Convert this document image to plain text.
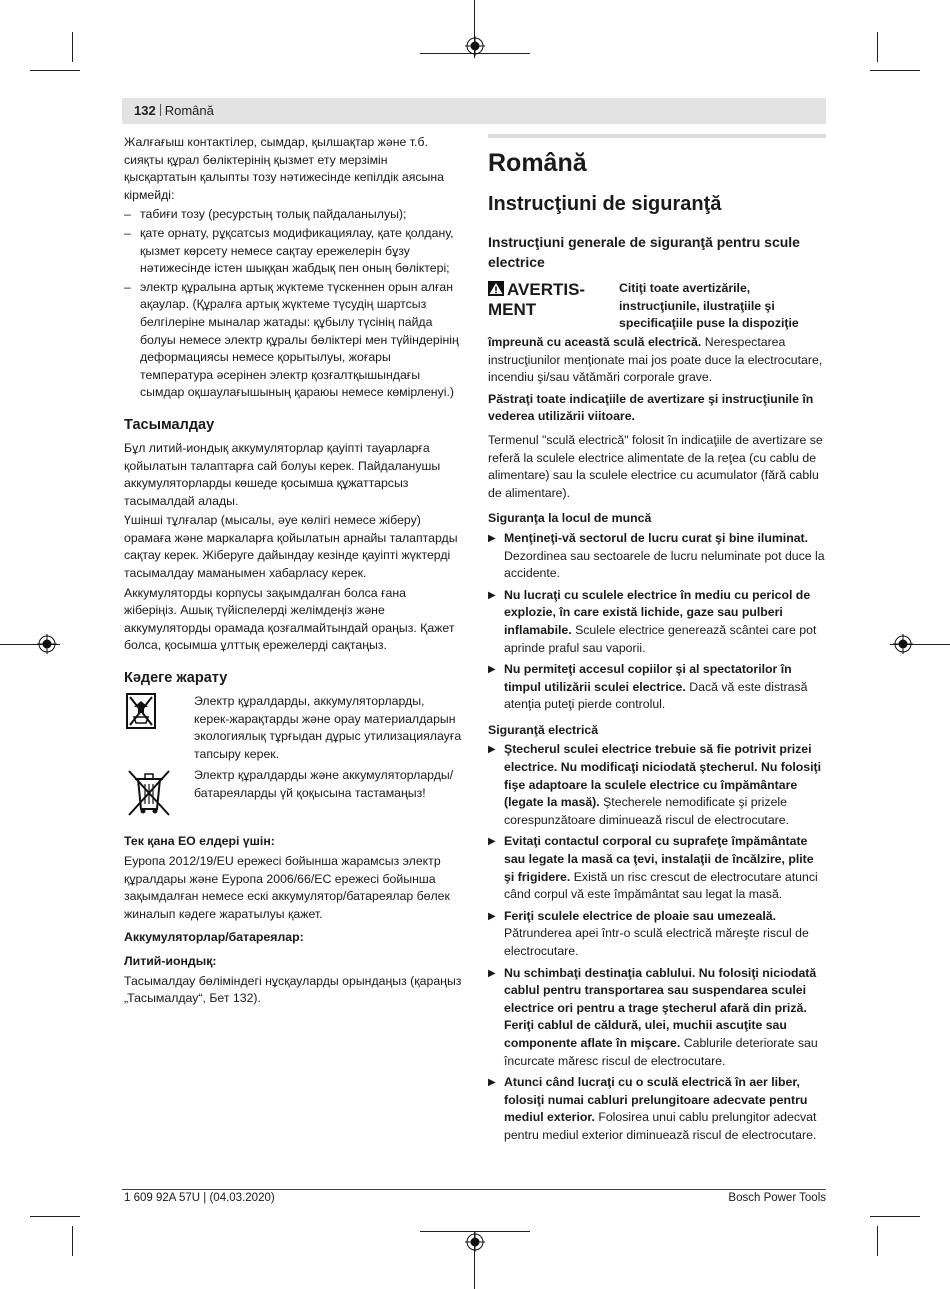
132 Română

Жалғағыш контактілер, сымдар, қылшақтар және т.б. сияқты құрал бөліктерінің қызмет ету мерзімін қысқартатын қалыпты тозу нәтижесінде кепілдік аясына кірмейді:

– табиғи тозу (ресурстың толық пайдаланылуы);
– қате орнату, рұқсатсыз модификациялау, қате қолдану, қызмет көрсету немесе сақтау ережелерін бұзу нәтижесінде істен шыққан жабдық пен оның бөліктері;
– электр құралына артық жүктеме түскеннен орын алған ақаулар. (Құралға артық жүктеме түсудің шартсыз белгілеріне мыналар жатады: құбылу түсінің пайда болуы немесе электр құралы бөліктері мен түйіндерінің деформациясы немесе қорытылуы, жоғары температура әсерінен электр қозғалтқышындағы сымдар оқшаулағышының қараюы немесе көмірленуі.)
Тасымалдау

Бұл литий-иондық аккумуляторлар қауіпті тауарларға қойылатын талаптарға сай болуы керек. Пайдаланушы аккумуляторларды көшеде қосымша құжаттарсыз тасымалдай алады.

Үшінші тұлғалар (мысалы, әуе көлігі немесе жіберу) орамаға және маркаларға қойылатын арнайы талаптарды сақтау керек. Жіберуге дайындау кезінде қауіпті жүктерді тасымалдау маманымен хабарласу керек.

Аккумуляторды корпусы зақымдалған болса ғана жіберіңіз. Ашық түйіспелерді желімдеңіз және аккумуляторды орамада қозғалмайтындай ораңыз. Қажет болса, қосымша ұлттық ережелерді сақтаңыз.

Кәдеге жарату

Электр құралдарды, аккумуляторларды, керек-жарақтарды және орау материалдарын экологиялық тұрғыдан дұрыс утилизациялауға тапсыру керек.

Электр құралдарды және аккумуляторларды/ батареяларды үй қоқысына тастамаңыз!

Тек қана ЕО елдері үшін:

Еуропа 2012/19/EU ережесі бойынша жарамсыз электр құралдары және Еуропа 2006/66/EC ережесі бойынша зақымдалған немесе ескі аккумулятор/батареялар бөлек жиналып кәдеге жаратылуы қажет.

Аккумуляторлар/батареялар:
Литий-иондық:

Тасымалдау бөліміндегі нұсқауларды орындаңыз (қараңыз „Тасымалдау“, Бет 132).

Română
Instrucţiuni de siguranţă
Instrucţiuni generale de siguranţă pentru scule electrice
AVERTIS-
MENT
Citiţi toate avertizările, instrucţiunile, ilustraţiile şi specificaţiile puse la dispoziţie

împreună cu această sculă electrică. Nerespectarea instrucţiunilor menţionate mai jos poate duce la electrocutare, incendiu şi/sau vătămări corporale grave.

Păstraţi toate indicaţiile de avertizare şi instrucţiunile în vederea utilizării viitoare.

Termenul "sculă electrică" folosit în indicaţiile de avertizare se referă la sculele electrice alimentate de la reţea (cu cablu de alimentare) sau la sculele electrice cu acumulator (fără cablu de alimentare).

Siguranţa la locul de muncă
▶ Menţineţi-vă sectorul de lucru curat şi bine iluminat. Dezordinea sau sectoarele de lucru neluminate pot duce la accidente.
▶ Nu lucraţi cu sculele electrice în mediu cu pericol de explozie, în care există lichide, gaze sau pulberi inflamabile. Sculele electrice generează scântei care pot aprinde praful sau vaporii.
▶ Nu permiteţi accesul copiilor şi al spectatorilor în timpul utilizării sculei electrice. Dacă vă este distrasă atenţia puteţi pierde controlul.
Siguranţă electrică
▶ Ştecherul sculei electrice trebuie să fie potrivit prizei electrice. Nu modificaţi niciodată ştecherul. Nu folosiţi fişe adaptoare la sculele electrice cu împământare (legate la masă). Ştecherele nemodificate şi prizele corespunzătoare diminuează riscul de electrocutare.
▶ Evitaţi contactul corporal cu suprafeţe împământate sau legate la masă ca ţevi, instalaţii de încălzire, plite şi frigidere. Există un risc crescut de electrocutare atunci când corpul vă este împământat sau legat la masă.
▶ Feriţi sculele electrice de ploaie sau umezeală. Pătrunderea apei într-o sculă electrică măreşte riscul de electrocutare.
▶ Nu schimbaţi destinaţia cablului. Nu folosiţi niciodată cablul pentru transportarea sau suspendarea sculei electrice ori pentru a trage ştecherul afară din priză. Feriţi cablul de căldură, ulei, muchii ascuţite sau componente aflate în mişcare. Cablurile deteriorate sau încurcate măresc riscul de electrocutare.
▶ Atunci când lucraţi cu o sculă electrică în aer liber, folosiţi numai cabluri prelungitoare adecvate pentru mediul exterior. Folosirea unui cablu prelungitor adecvat pentru mediul exterior diminuează riscul de electrocutare.
1 609 92A 57U | (04.03.2020)	Bosch Power Tools
